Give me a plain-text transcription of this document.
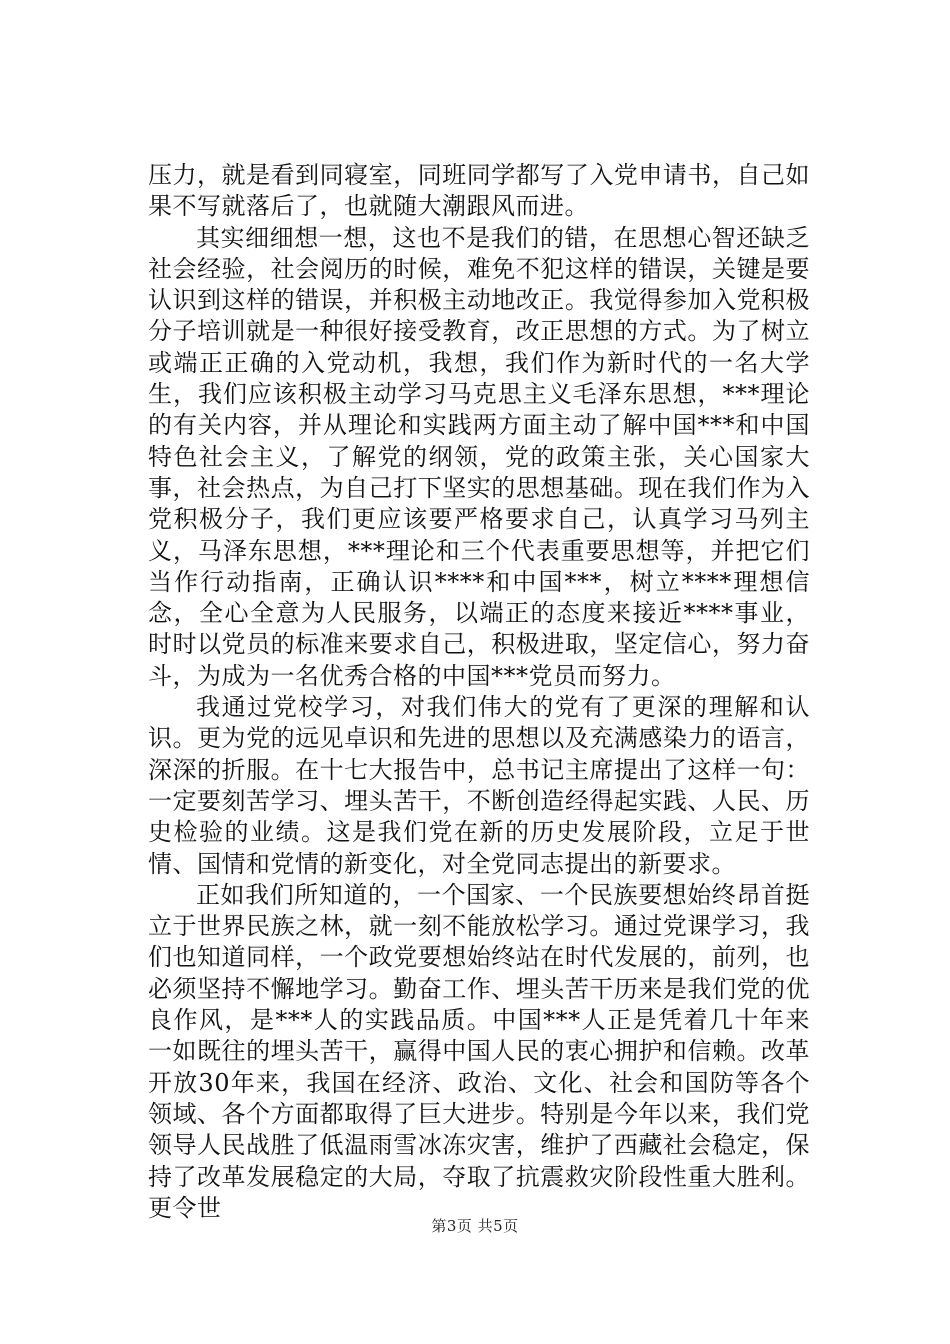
压力，就是看到同寝室，同班同学都写了入党申请书，自己如果不写就落后了，也就随大潮跟风而进。

其实细细想一想，这也不是我们的错，在思想心智还缺乏社会经验，社会阅历的时候，难免不犯这样的错误，关键是要认识到这样的错误，并积极主动地改正。我觉得参加入党积极分子培训就是一种很好接受教育，改正思想的方式。为了树立或端正正确的入党动机，我想，我们作为新时代的一名大学生，我们应该积极主动学习马克思主义毛泽东思想，***理论的有关内容，并从理论和实践两方面主动了解中国***和中国特色社会主义，了解党的纲领，党的政策主张，关心国家大事，社会热点，为自己打下坚实的思想基础。现在我们作为入党积极分子，我们更应该要严格要求自己，认真学习马列主义，马泽东思想，***理论和三个代表重要思想等，并把它们当作行动指南，正确认识****和中国***，树立****理想信念，全心全意为人民服务，以端正的态度来接近****事业，时时以党员的标准来要求自己，积极进取，坚定信心，努力奋斗，为成为一名优秀合格的中国***党员而努力。

我通过党校学习，对我们伟大的党有了更深的理解和认识。更为党的远见卓识和先进的思想以及充满感染力的语言，深深的折服。在十七大报告中，总书记主席提出了这样一句：一定要刻苦学习、埋头苦干，不断创造经得起实践、人民、历史检验的业绩。这是我们党在新的历史发展阶段，立足于世情、国情和党情的新变化，对全党同志提出的新要求。

正如我们所知道的，一个国家、一个民族要想始终昂首挺立于世界民族之林，就一刻不能放松学习。通过党课学习，我们也知道同样，一个政党要想始终站在时代发展的，前列，也必须坚持不懈地学习。勤奋工作、埋头苦干历来是我们党的优良作风，是***人的实践品质。中国***人正是凭着几十年来一如既往的埋头苦干，赢得中国人民的衷心拥护和信赖。改革开放30年来，我国在经济、政治、文化、社会和国防等各个领域、各个方面都取得了巨大进步。特别是今年以来，我们党领导人民战胜了低温雨雪冰冻灾害，维护了西藏社会稳定，保持了改革发展稳定的大局，夺取了抗震救灾阶段性重大胜利。更令世

第3页 共5页
